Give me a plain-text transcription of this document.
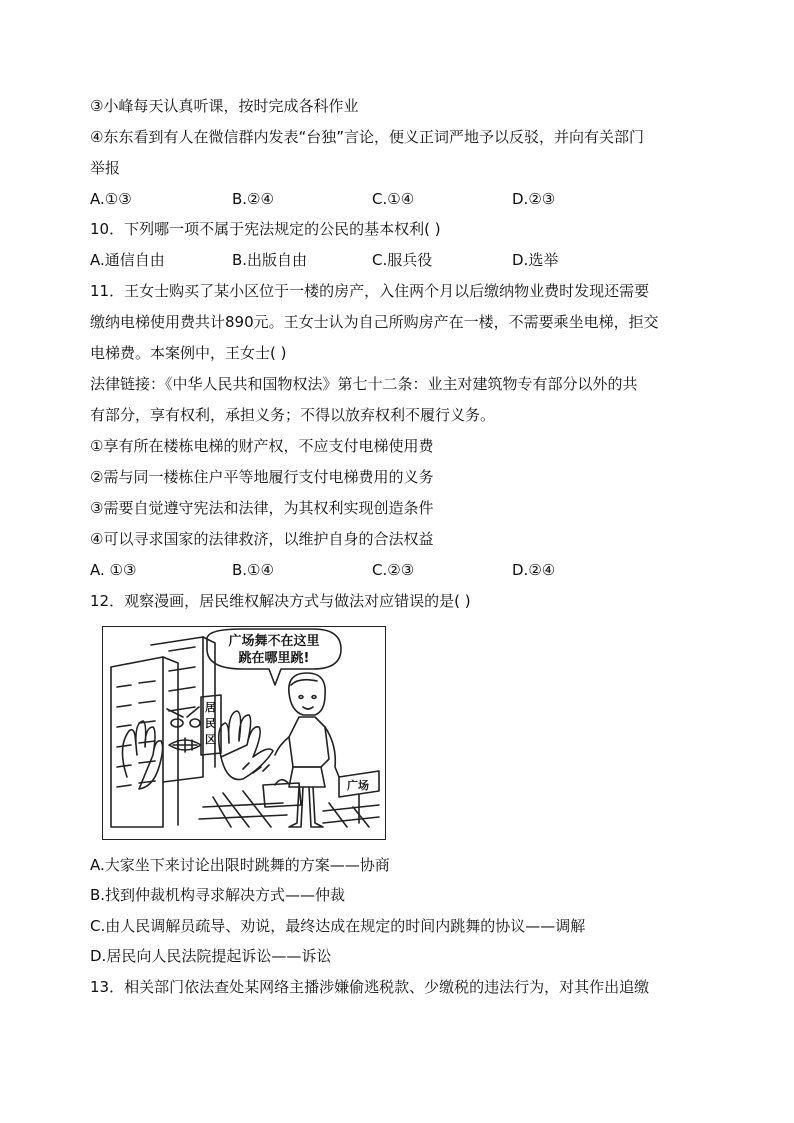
③小峰每天认真听课，按时完成各科作业
④东东看到有人在微信群内发表“台独”言论，便义正词严地予以反驳，并向有关部门
举报
A.①③	B.②④	C.①④	D.②③
10．下列哪一项不属于宪法规定的公民的基本权利( )
A.通信自由	B.出版自由	C.服兵役	D.选举
11．王女士购买了某小区位于一楼的房产，入住两个月以后缴纳物业费时发现还需要
缴纳电梯使用费共计890元。王女士认为自己所购房产在一楼，不需要乘坐电梯，拒交
电梯费。本案例中，王女士( )
法律链接：《中华人民共和国物权法》第七十二条：业主对建筑物专有部分以外的共
有部分，享有权利，承担义务；不得以放弃权利不履行义务。
①享有所在楼栋电梯的财产权，不应支付电梯使用费
②需与同一楼栋住户平等地履行支付电梯费用的义务
③需要自觉遵守宪法和法律，为其权利实现创造条件
④可以寻求国家的法律救济，以维护自身的合法权益
A. ①③	B.①④	C.②③	D.②④
12．观察漫画，居民维权解决方式与做法对应错误的是( )
广场舞不在这里
跳在哪里跳!
居
民
区
广场
A.大家坐下来讨论出限时跳舞的方案——协商
B.找到仲裁机构寻求解决方式——仲裁
C.由人民调解员疏导、劝说，最终达成在规定的时间内跳舞的协议——调解
D.居民向人民法院提起诉讼——诉讼
13．相关部门依法查处某网络主播涉嫌偷逃税款、少缴税的违法行为，对其作出追缴
